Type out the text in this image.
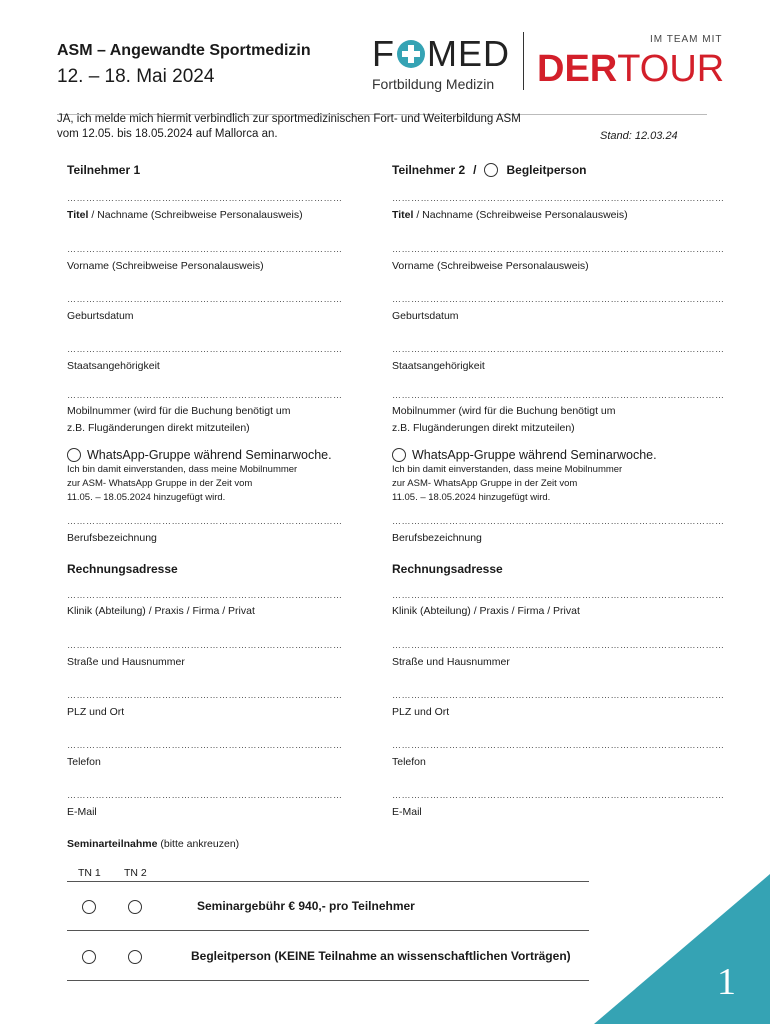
ASM – Angewandte Sportmedizin
12. – 18. Mai 2024
F MED
Fortbildung Medizin
IM TEAM MIT
DERTOUR
JA, ich melde mich hiermit verbindlich zur sportmedizinischen Fort- und Weiterbildung ASM
vom 12.05. bis 18.05.2024 auf Mallorca an.	Stand: 12.03.24
Teilnehmer 1	Teilnehmer 2 /	Begleitperson
……………………………………………………………………………
Titel / Nachname (Schreibweise Personalausweis)
……………………………………………………………………………
Vorname (Schreibweise Personalausweis)
……………………………………………………………………………
Geburtsdatum
……………………………………………………………………………
Staatsangehörigkeit
……………………………………………………………………………
Mobilnummer (wird für die Buchung benötigt um
z.B. Flugänderungen direkt mitzuteilen)
WhatsApp-Gruppe während Seminarwoche.
Ich bin damit einverstanden, dass meine Mobilnummer
zur ASM- WhatsApp Gruppe in der Zeit vom
11.05. – 18.05.2024 hinzugefügt wird.
……………………………………………………………………………
Berufsbezeichnung
Rechnungsadresse
……………………………………………………………………………
Klinik (Abteilung) / Praxis / Firma / Privat
……………………………………………………………………………
Straße und Hausnummer
……………………………………………………………………………
PLZ und Ort
……………………………………………………………………………
Telefon
……………………………………………………………………………
E-Mail
……………………………………………………………………………………………
Titel / Nachname (Schreibweise Personalausweis)
……………………………………………………………………………………………
Vorname (Schreibweise Personalausweis)
……………………………………………………………………………………………
Geburtsdatum
……………………………………………………………………………………………
Staatsangehörigkeit
……………………………………………………………………………………………
Mobilnummer (wird für die Buchung benötigt um
z.B. Flugänderungen direkt mitzuteilen)
WhatsApp-Gruppe während Seminarwoche.
Ich bin damit einverstanden, dass meine Mobilnummer
zur ASM- WhatsApp Gruppe in der Zeit vom
11.05. – 18.05.2024 hinzugefügt wird.
……………………………………………………………………………………………
Berufsbezeichnung
Rechnungsadresse
……………………………………………………………………………………………
Klinik (Abteilung) / Praxis / Firma / Privat
……………………………………………………………………………………………
Straße und Hausnummer
……………………………………………………………………………………………
PLZ und Ort
……………………………………………………………………………………………
Telefon
……………………………………………………………………………………………
E-Mail
Seminarteilnahme (bitte ankreuzen)
TN 1 TN 2
Seminargebühr € 940,- pro Teilnehmer
Begleitperson (KEINE Teilnahme an wissenschaftlichen Vorträgen)
1
